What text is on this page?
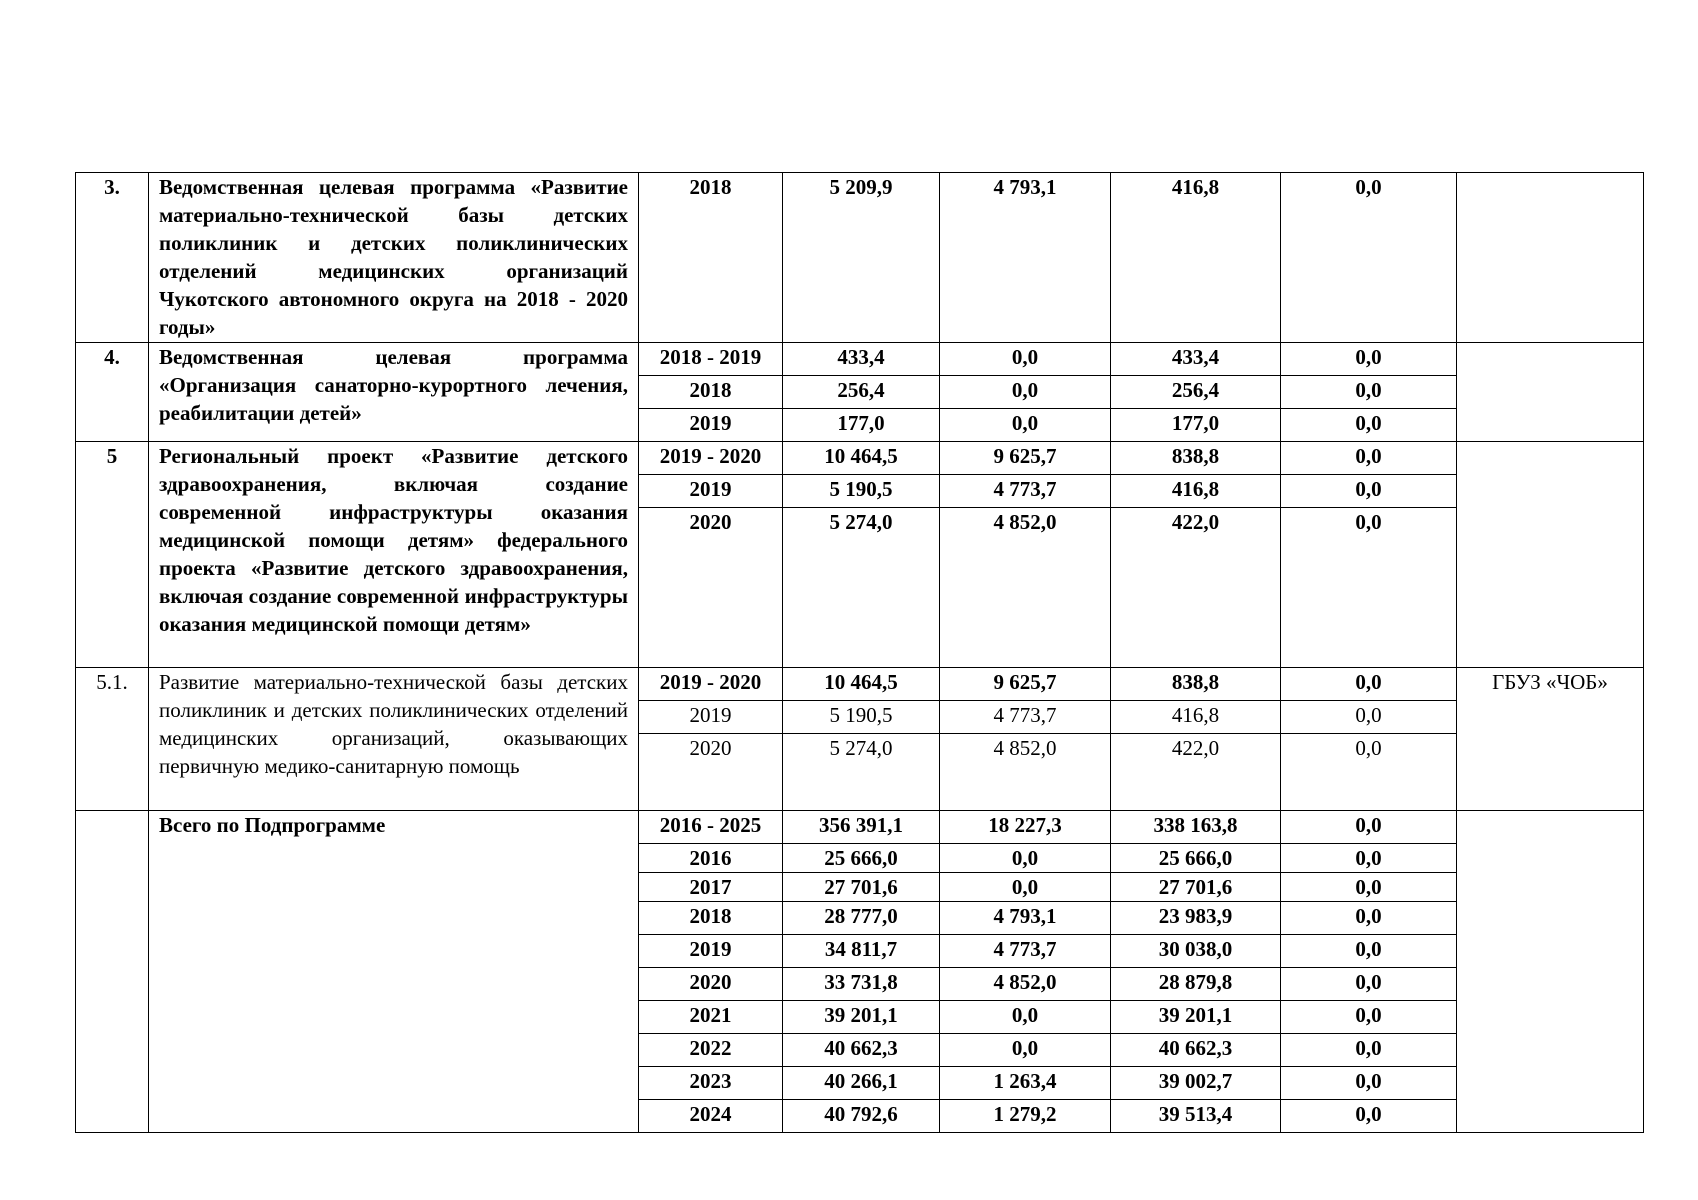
3.	Ведомственная целевая программа «Развитие материально-технической базы детских поликлиник и детских поликлинических отделений медицинских организаций Чукотского автономного округа на 2018 - 2020 годы»	2018	5 209,9	4 793,1	416,8	0,0	
4.	Ведомственная целевая программа «Организация санаторно-курортного лечения, реабилитации детей»	2018 - 2019	433,4	0,0	433,4	0,0	
		2018	256,4	0,0	256,4	0,0	
		2019	177,0	0,0	177,0	0,0	
5	Региональный проект «Развитие детского здравоохранения, включая создание современной инфраструктуры оказания медицинской помощи детям» федерального проекта «Развитие детского здравоохранения, включая создание современной инфраструктуры оказания медицинской помощи детям»	2019 - 2020	10 464,5	9 625,7	838,8	0,0	
		2019	5 190,5	4 773,7	416,8	0,0	
		2020	5 274,0	4 852,0	422,0	0,0	
5.1.	Развитие материально-технической базы детских поликлиник и детских поликлинических отделений медицинских организаций, оказывающих первичную медико-санитарную помощь	2019 - 2020	10 464,5	9 625,7	838,8	0,0	ГБУЗ «ЧОБ»
		2019	5 190,5	4 773,7	416,8	0,0	
		2020	5 274,0	4 852,0	422,0	0,0	
	Всего по Подпрограмме	2016 - 2025	356 391,1	18 227,3	338 163,8	0,0	
		2016	25 666,0	0,0	25 666,0	0,0	
		2017	27 701,6	0,0	27 701,6	0,0	
		2018	28 777,0	4 793,1	23 983,9	0,0	
		2019	34 811,7	4 773,7	30 038,0	0,0	
		2020	33 731,8	4 852,0	28 879,8	0,0	
		2021	39 201,1	0,0	39 201,1	0,0	
		2022	40 662,3	0,0	40 662,3	0,0	
		2023	40 266,1	1 263,4	39 002,7	0,0	
		2024	40 792,6	1 279,2	39 513,4	0,0	
